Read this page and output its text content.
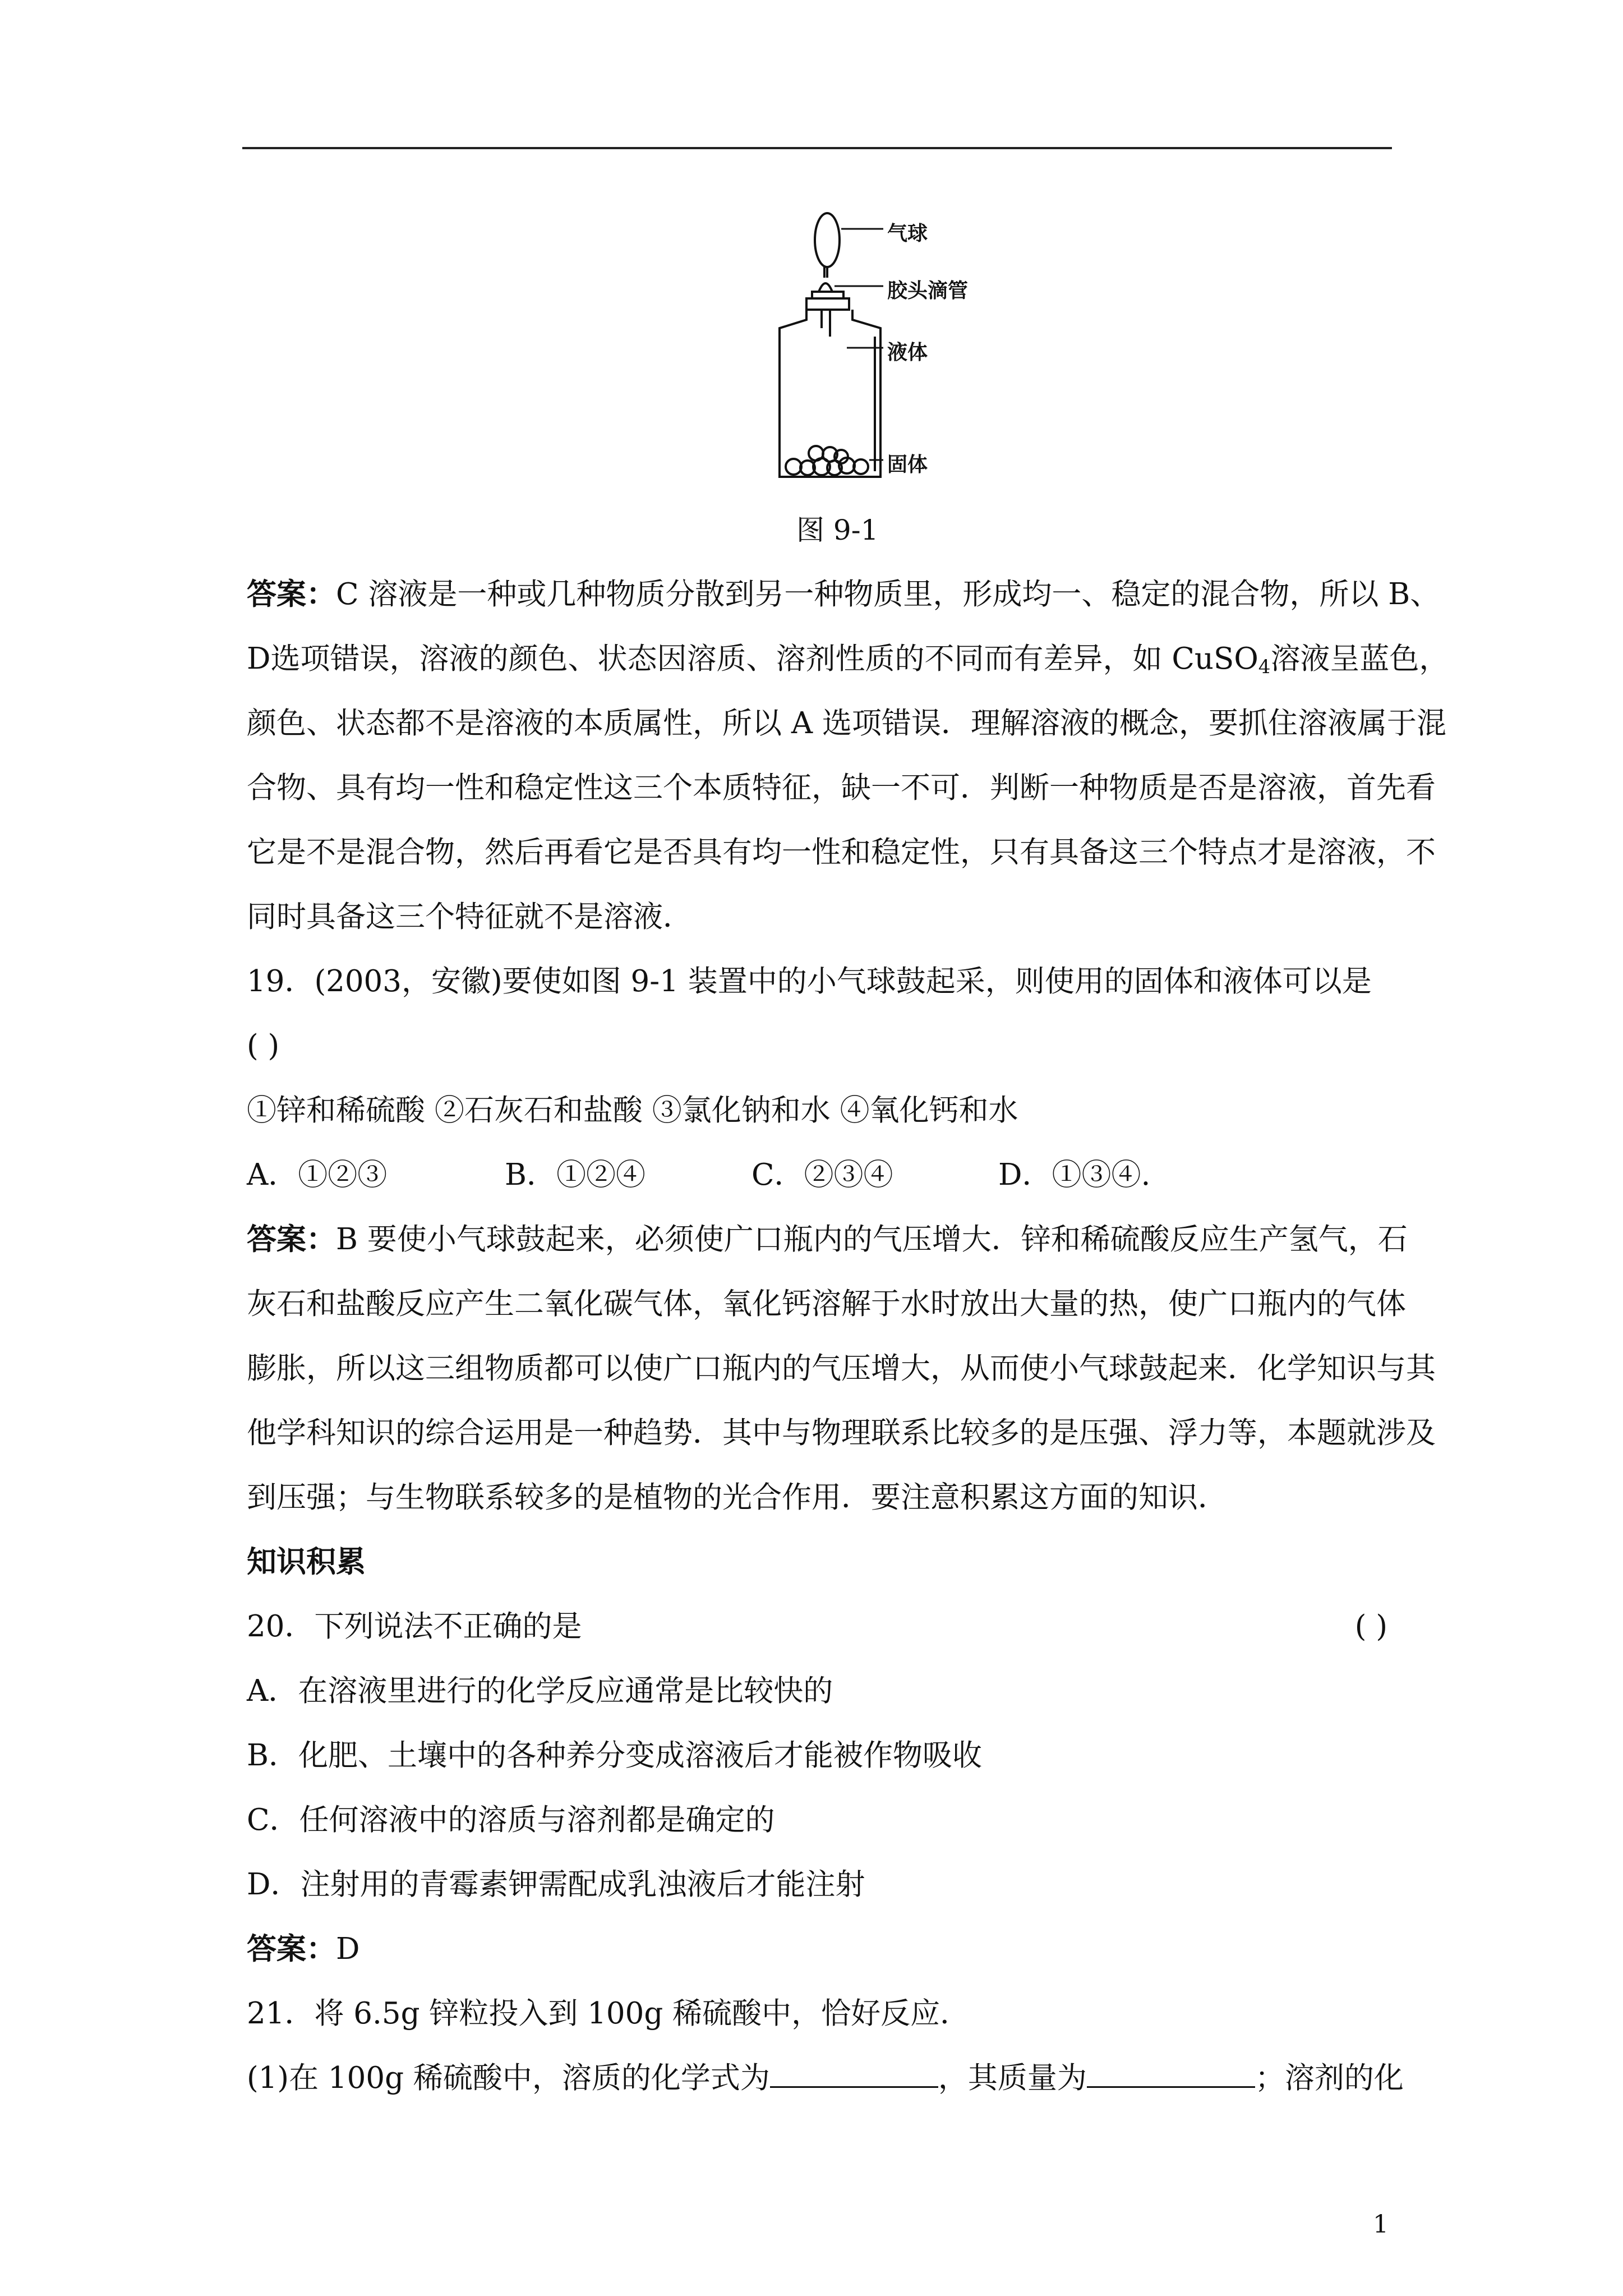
气球
胶头滴管
液体
固体
图 9-1
答案：C 溶液是一种或几种物质分散到另一种物质里，形成均一、稳定的混合物，所以 B、
D选项错误，溶液的颜色、状态因溶质、溶剂性质的不同而有差异，如 CuSO$_4$溶液呈蓝色，
颜色、状态都不是溶液的本质属性，所以 A 选项错误．理解溶液的概念，要抓住溶液属于混
合物、具有均一性和稳定性这三个本质特征，缺一不可．判断一种物质是否是溶液，首先看
它是不是混合物，然后再看它是否具有均一性和稳定性，只有具备这三个特点才是溶液，不
同时具备这三个特征就不是溶液．
19．(2003，安徽)要使如图 9-1 装置中的小气球鼓起采，则使用的固体和液体可以是
( )
①锌和稀硫酸 ②石灰石和盐酸 ③氯化钠和水 ④氧化钙和水
A．①②③	B．①②④	C．②③④	D．①③④.
答案：B 要使小气球鼓起来，必须使广口瓶内的气压增大．锌和稀硫酸反应生产氢气，石
灰石和盐酸反应产生二氧化碳气体，氧化钙溶解于水时放出大量的热，使广口瓶内的气体
膨胀，所以这三组物质都可以使广口瓶内的气压增大，从而使小气球鼓起来．化学知识与其
他学科知识的综合运用是一种趋势．其中与物理联系比较多的是压强、浮力等，本题就涉及
到压强；与生物联系较多的是植物的光合作用．要注意积累这方面的知识．
知识积累
20．下列说法不正确的是	( )
A．在溶液里进行的化学反应通常是比较快的
B．化肥、土壤中的各种养分变成溶液后才能被作物吸收
C．任何溶液中的溶质与溶剂都是确定的
D．注射用的青霉素钾需配成乳浊液后才能注射
答案：D
21．将 6.5g 锌粒投入到 100g 稀硫酸中，恰好反应．
(1)在 100g 稀硫酸中，溶质的化学式为	，其质量为	；溶剂的化
1
